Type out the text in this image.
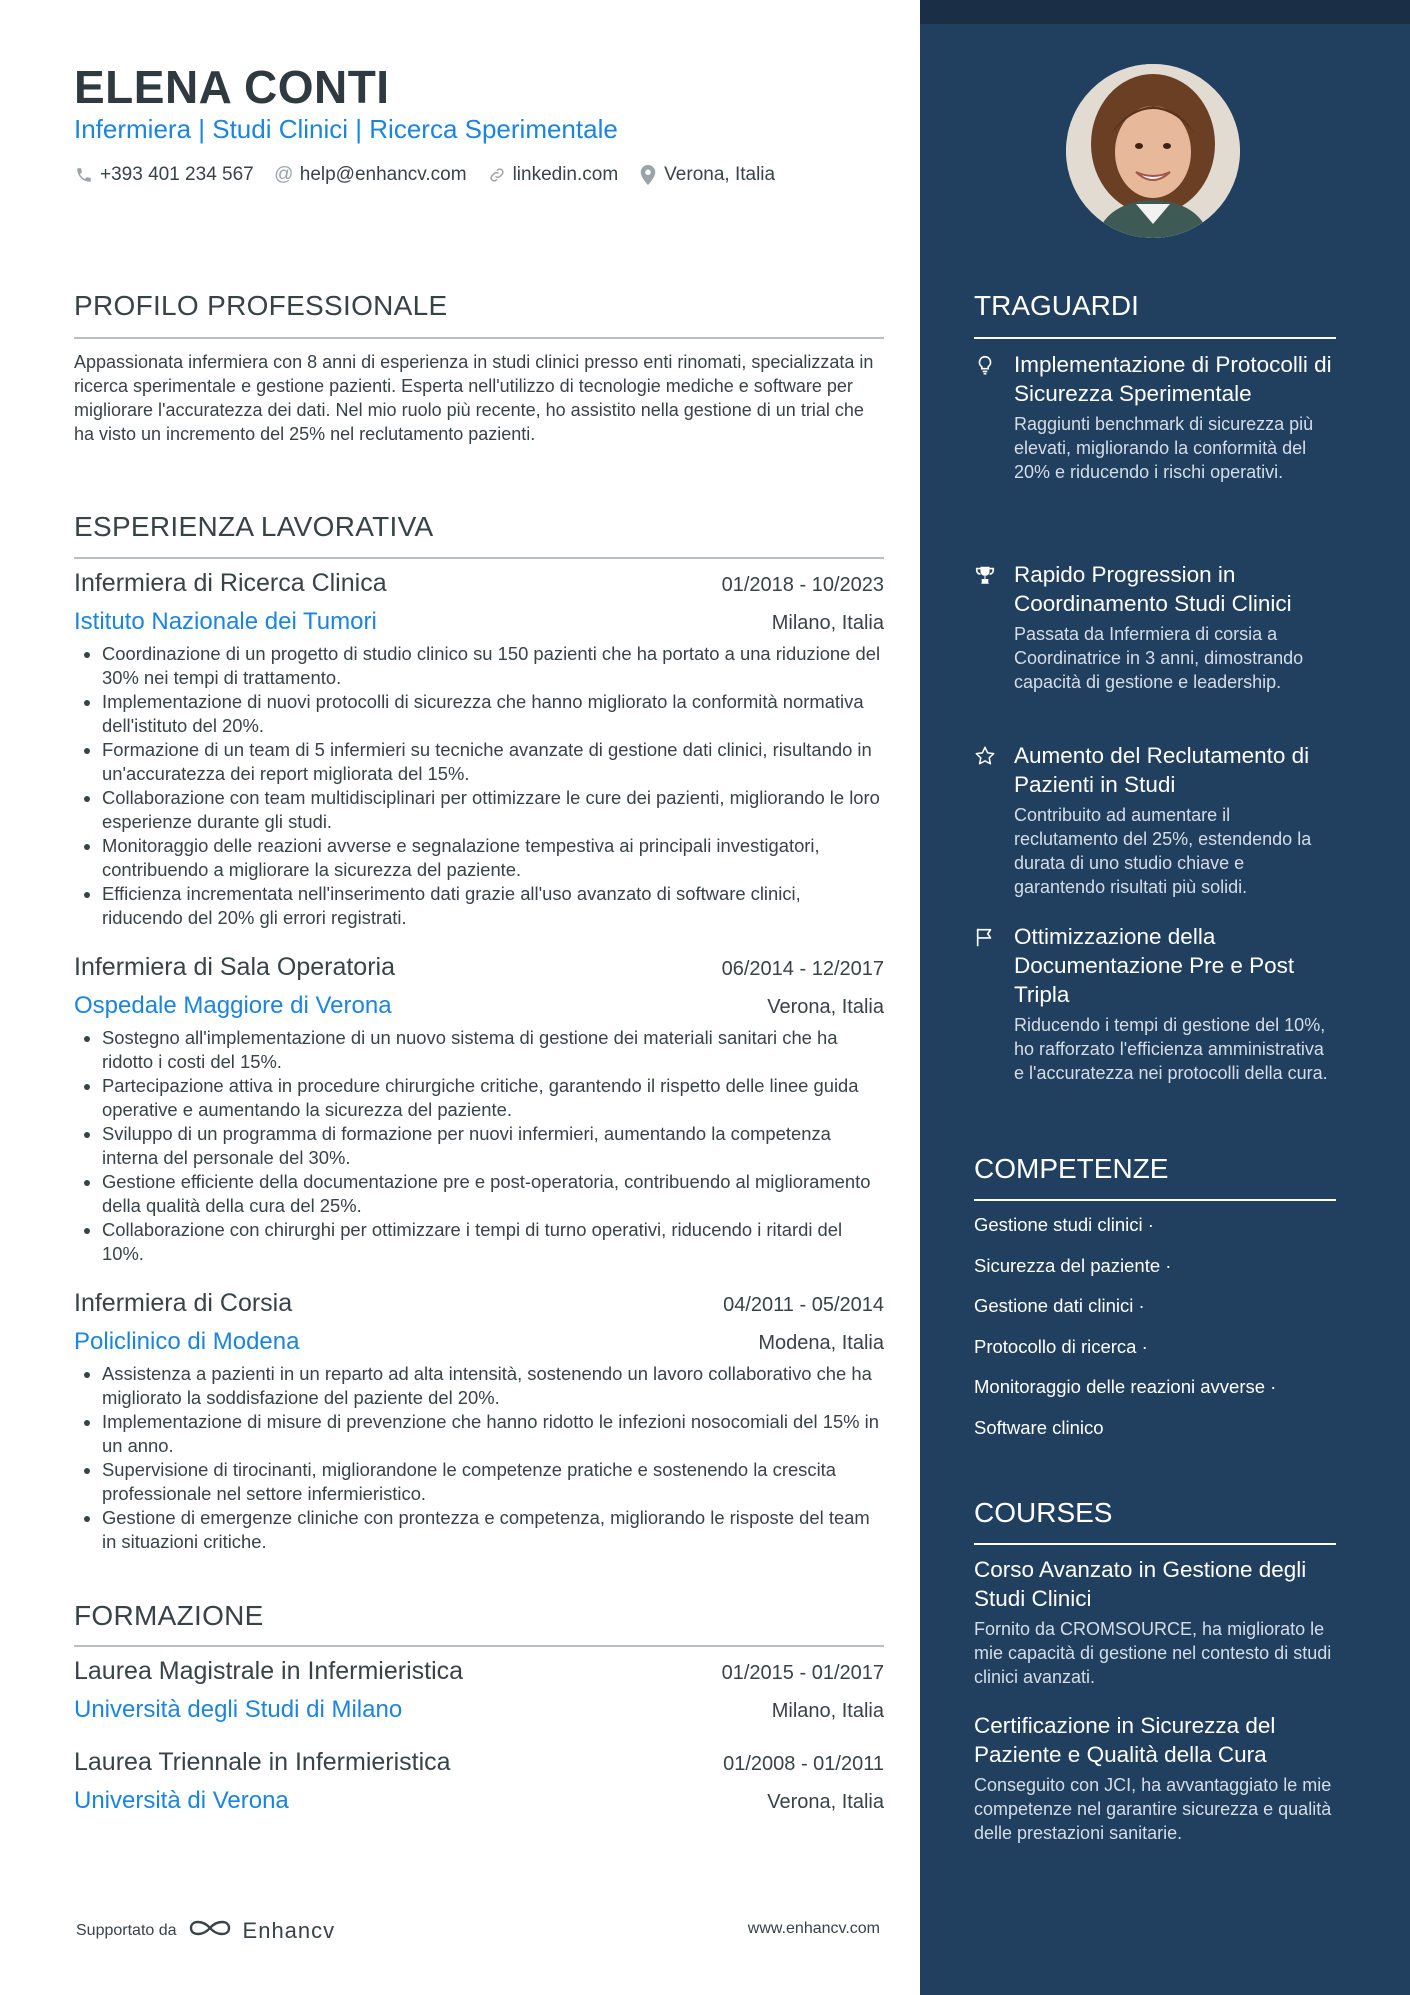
ELENA CONTI
Infermiera | Studi Clinici | Ricerca Sperimentale
+393 401 234 567 @ help@enhancv.com linkedin.com Verona, Italia
PROFILO PROFESSIONALE

Appassionata infermiera con 8 anni di esperienza in studi clinici presso enti rinomati, specializzata in ricerca sperimentale e gestione pazienti. Esperta nell'utilizzo di tecnologie mediche e software per migliorare l'accuratezza dei dati. Nel mio ruolo più recente, ho assistito nella gestione di un trial che ha visto un incremento del 25% nel reclutamento pazienti.

ESPERIENZA LAVORATIVA
Infermiera di Ricerca Clinica	01/2018 - 10/2023
Istituto Nazionale dei Tumori	Milano, Italia
• Coordinazione di un progetto di studio clinico su 150 pazienti che ha portato a una riduzione del 30% nei tempi di trattamento.
• Implementazione di nuovi protocolli di sicurezza che hanno migliorato la conformità normativa dell'istituto del 20%.
• Formazione di un team di 5 infermieri su tecniche avanzate di gestione dati clinici, risultando in un'accuratezza dei report migliorata del 15%.
• Collaborazione con team multidisciplinari per ottimizzare le cure dei pazienti, migliorando le loro esperienze durante gli studi.
• Monitoraggio delle reazioni avverse e segnalazione tempestiva ai principali investigatori, contribuendo a migliorare la sicurezza del paziente.
• Efficienza incrementata nell'inserimento dati grazie all'uso avanzato di software clinici, riducendo del 20% gli errori registrati.
Infermiera di Sala Operatoria	06/2014 - 12/2017
Ospedale Maggiore di Verona	Verona, Italia
• Sostegno all'implementazione di un nuovo sistema di gestione dei materiali sanitari che ha ridotto i costi del 15%.
• Partecipazione attiva in procedure chirurgiche critiche, garantendo il rispetto delle linee guida operative e aumentando la sicurezza del paziente.
• Sviluppo di un programma di formazione per nuovi infermieri, aumentando la competenza interna del personale del 30%.
• Gestione efficiente della documentazione pre e post-operatoria, contribuendo al miglioramento della qualità della cura del 25%.
• Collaborazione con chirurghi per ottimizzare i tempi di turno operativi, riducendo i ritardi del 10%.
Infermiera di Corsia	04/2011 - 05/2014
Policlinico di Modena	Modena, Italia
• Assistenza a pazienti in un reparto ad alta intensità, sostenendo un lavoro collaborativo che ha migliorato la soddisfazione del paziente del 20%.
• Implementazione di misure di prevenzione che hanno ridotto le infezioni nosocomiali del 15% in un anno.
• Supervisione di tirocinanti, migliorandone le competenze pratiche e sostenendo la crescita professionale nel settore infermieristico.
• Gestione di emergenze cliniche con prontezza e competenza, migliorando le risposte del team in situazioni critiche.
FORMAZIONE
Laurea Magistrale in Infermieristica	01/2015 - 01/2017
Università degli Studi di Milano	Milano, Italia
Laurea Triennale in Infermieristica	01/2008 - 01/2011
Università di Verona	Verona, Italia
Supportato da	Enhancv	www.enhancv.com
TRAGUARDI
Implementazione di Protocolli di Sicurezza Sperimentale
Raggiunti benchmark di sicurezza più elevati, migliorando la conformità del 20% e riducendo i rischi operativi.
Rapido Progression in Coordinamento Studi Clinici
Passata da Infermiera di corsia a Coordinatrice in 3 anni, dimostrando capacità di gestione e leadership.
Aumento del Reclutamento di Pazienti in Studi
Contribuito ad aumentare il reclutamento del 25%, estendendo la durata di uno studio chiave e garantendo risultati più solidi.
Ottimizzazione della Documentazione Pre e Post Tripla
Riducendo i tempi di gestione del 10%, ho rafforzato l'efficienza amministrativa e l'accuratezza nei protocolli della cura.
COMPETENZE
Gestione studi clinici ·
Sicurezza del paziente ·
Gestione dati clinici ·
Protocollo di ricerca ·
Monitoraggio delle reazioni avverse ·
Software clinico
COURSES
Corso Avanzato in Gestione degli Studi Clinici
Fornito da CROMSOURCE, ha migliorato le mie capacità di gestione nel contesto di studi clinici avanzati.
Certificazione in Sicurezza del Paziente e Qualità della Cura
Conseguito con JCI, ha avvantaggiato le mie competenze nel garantire sicurezza e qualità delle prestazioni sanitarie.
